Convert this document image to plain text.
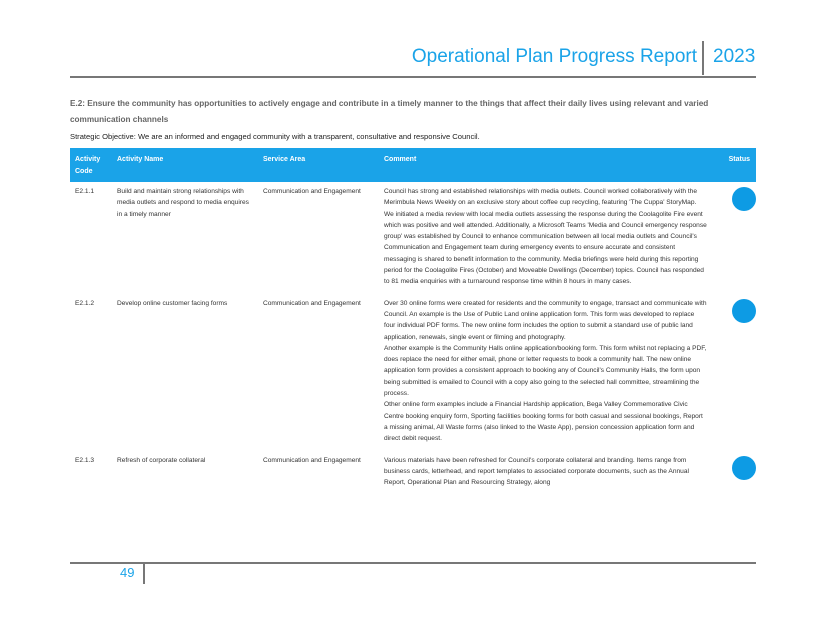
Operational Plan Progress Report 2023
E.2: Ensure the community has opportunities to actively engage and contribute in a timely manner to the things that affect their daily lives using relevant and varied communication channels
Strategic Objective: We are an informed and engaged community with a transparent, consultative and responsive Council.
Activity Code	Activity Name	Service Area	Comment	Status
E2.1.1	Build and maintain strong relationships with media outlets and respond to media enquires in a timely manner	Communication and Engagement	Council has strong and established relationships with media outlets. Council worked collaboratively with the Merimbula News Weekly on an exclusive story about coffee cup recycling, featuring 'The Cuppa' StoryMap. We initiated a media review with local media outlets assessing the response during the Coolagolite Fire event which was positive and well attended. Additionally, a Microsoft Teams 'Media and Council emergency response group' was established by Council to enhance communication between all local media outlets and Council's Communication and Engagement team during emergency events to ensure accurate and consistent messaging is shared to benefit information to the community. Media briefings were held during this reporting period for the Coolagolite Fires (October) and Moveable Dwellings (December) topics. Council has responded to 81 media enquiries with a turnaround response time within 8 hours in many cases.	

E2.1.2	Develop online customer facing forms	Communication and Engagement	Over 30 online forms were created for residents and the community to engage, transact and communicate with Council. An example is the Use of Public Land online application form. This form was developed to replace four individual PDF forms. The new online form includes the option to submit a standard use of public land application, renewals, single event or filming and photography.
Another example is the Community Halls online application/booking form. This form whilst not replacing a PDF, does replace the need for either email, phone or letter requests to book a community hall. The new online application form provides a consistent approach to booking any of Council's Community Halls, the form upon being submitted is emailed to Council with a copy also going to the selected hall committee, streamlining the process.
Other online form examples include a Financial Hardship application, Bega Valley Commemorative Civic Centre booking enquiry form, Sporting facilities booking forms for both casual and sessional bookings, Report a missing animal, All Waste forms (also linked to the Waste App), pension concession application form and direct debit request.	

E2.1.3	Refresh of corporate collateral	Communication and Engagement	Various materials have been refreshed for Council's corporate collateral and branding. Items range from business cards, letterhead, and report templates to associated corporate documents, such as the Annual Report, Operational Plan and Resourcing Strategy, along	
49
